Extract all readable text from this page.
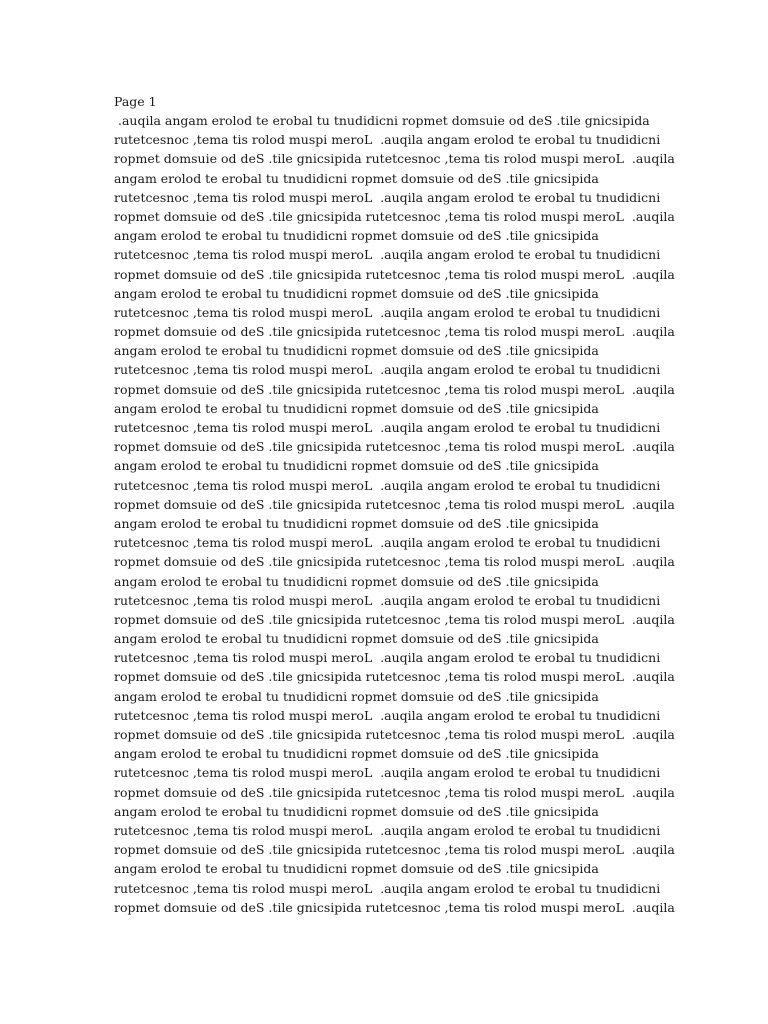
Page 1
.auqila angam erolod te erobal tu tnudidicni ropmet domsuie od deS .tile gnicsipida
rutetcesnoc ,tema tis rolod muspi meroL  .auqila angam erolod te erobal tu tnudidicni
ropmet domsuie od deS .tile gnicsipida rutetcesnoc ,tema tis rolod muspi meroL  .auqila
angam erolod te erobal tu tnudidicni ropmet domsuie od deS .tile gnicsipida
rutetcesnoc ,tema tis rolod muspi meroL  .auqila angam erolod te erobal tu tnudidicni
ropmet domsuie od deS .tile gnicsipida rutetcesnoc ,tema tis rolod muspi meroL  .auqila
angam erolod te erobal tu tnudidicni ropmet domsuie od deS .tile gnicsipida
rutetcesnoc ,tema tis rolod muspi meroL  .auqila angam erolod te erobal tu tnudidicni
ropmet domsuie od deS .tile gnicsipida rutetcesnoc ,tema tis rolod muspi meroL  .auqila
angam erolod te erobal tu tnudidicni ropmet domsuie od deS .tile gnicsipida
rutetcesnoc ,tema tis rolod muspi meroL  .auqila angam erolod te erobal tu tnudidicni
ropmet domsuie od deS .tile gnicsipida rutetcesnoc ,tema tis rolod muspi meroL  .auqila
angam erolod te erobal tu tnudidicni ropmet domsuie od deS .tile gnicsipida
rutetcesnoc ,tema tis rolod muspi meroL  .auqila angam erolod te erobal tu tnudidicni
ropmet domsuie od deS .tile gnicsipida rutetcesnoc ,tema tis rolod muspi meroL  .auqila
angam erolod te erobal tu tnudidicni ropmet domsuie od deS .tile gnicsipida
rutetcesnoc ,tema tis rolod muspi meroL  .auqila angam erolod te erobal tu tnudidicni
ropmet domsuie od deS .tile gnicsipida rutetcesnoc ,tema tis rolod muspi meroL  .auqila
angam erolod te erobal tu tnudidicni ropmet domsuie od deS .tile gnicsipida
rutetcesnoc ,tema tis rolod muspi meroL  .auqila angam erolod te erobal tu tnudidicni
ropmet domsuie od deS .tile gnicsipida rutetcesnoc ,tema tis rolod muspi meroL  .auqila
angam erolod te erobal tu tnudidicni ropmet domsuie od deS .tile gnicsipida
rutetcesnoc ,tema tis rolod muspi meroL  .auqila angam erolod te erobal tu tnudidicni
ropmet domsuie od deS .tile gnicsipida rutetcesnoc ,tema tis rolod muspi meroL  .auqila
angam erolod te erobal tu tnudidicni ropmet domsuie od deS .tile gnicsipida
rutetcesnoc ,tema tis rolod muspi meroL  .auqila angam erolod te erobal tu tnudidicni
ropmet domsuie od deS .tile gnicsipida rutetcesnoc ,tema tis rolod muspi meroL  .auqila
angam erolod te erobal tu tnudidicni ropmet domsuie od deS .tile gnicsipida
rutetcesnoc ,tema tis rolod muspi meroL  .auqila angam erolod te erobal tu tnudidicni
ropmet domsuie od deS .tile gnicsipida rutetcesnoc ,tema tis rolod muspi meroL  .auqila
angam erolod te erobal tu tnudidicni ropmet domsuie od deS .tile gnicsipida
rutetcesnoc ,tema tis rolod muspi meroL  .auqila angam erolod te erobal tu tnudidicni
ropmet domsuie od deS .tile gnicsipida rutetcesnoc ,tema tis rolod muspi meroL  .auqila
angam erolod te erobal tu tnudidicni ropmet domsuie od deS .tile gnicsipida
rutetcesnoc ,tema tis rolod muspi meroL  .auqila angam erolod te erobal tu tnudidicni
ropmet domsuie od deS .tile gnicsipida rutetcesnoc ,tema tis rolod muspi meroL  .auqila
angam erolod te erobal tu tnudidicni ropmet domsuie od deS .tile gnicsipida
rutetcesnoc ,tema tis rolod muspi meroL  .auqila angam erolod te erobal tu tnudidicni
ropmet domsuie od deS .tile gnicsipida rutetcesnoc ,tema tis rolod muspi meroL  .auqila
angam erolod te erobal tu tnudidicni ropmet domsuie od deS .tile gnicsipida
rutetcesnoc ,tema tis rolod muspi meroL  .auqila angam erolod te erobal tu tnudidicni
ropmet domsuie od deS .tile gnicsipida rutetcesnoc ,tema tis rolod muspi meroL  .auqila
